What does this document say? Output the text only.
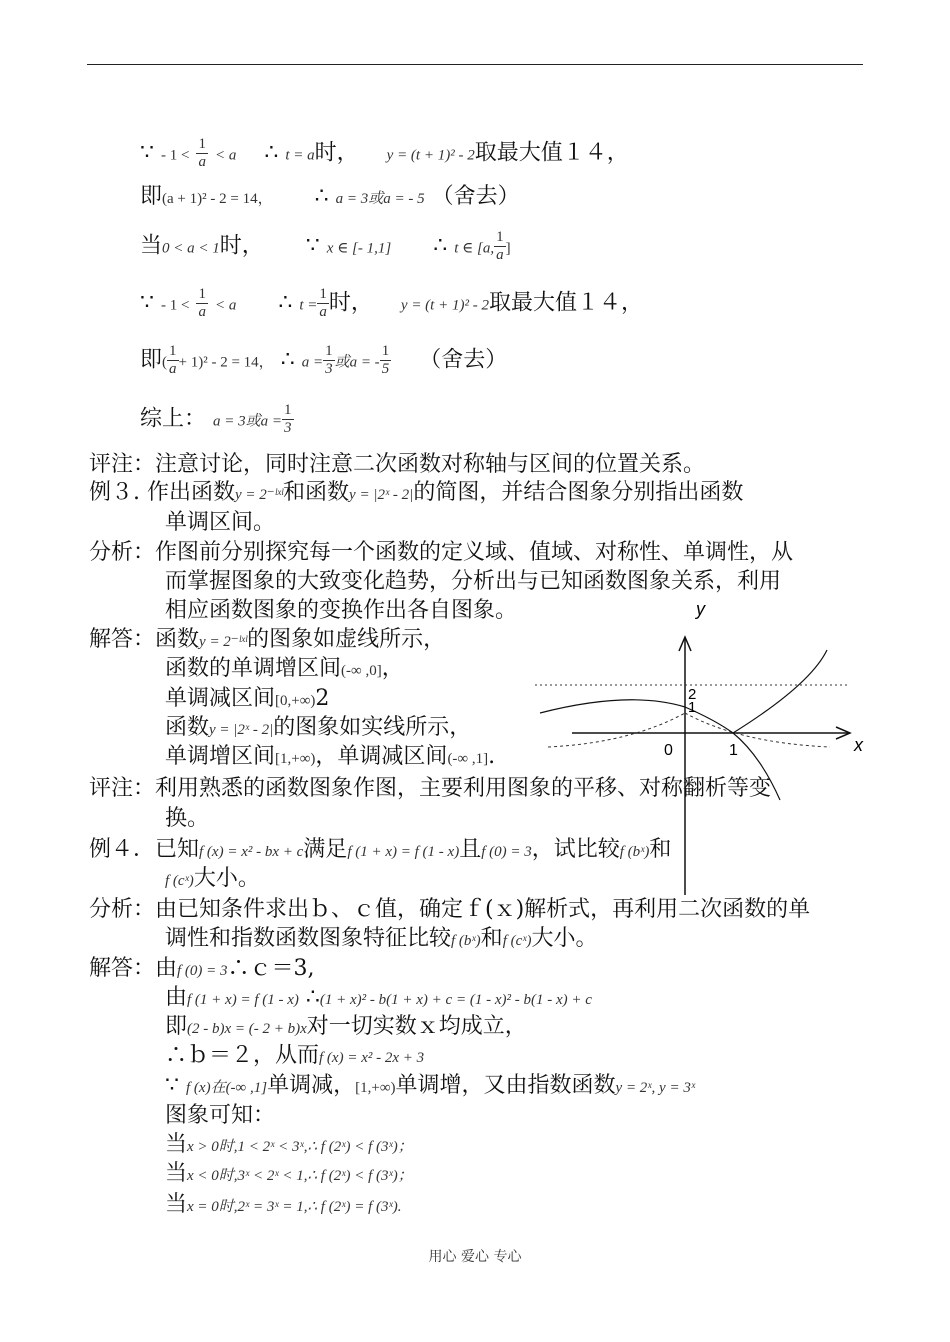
∵ - $1 < \frac{1}{a} < a$ ∴ t = a时， y = (t + 1)² - 2取最大值１４，
即(a + 1)² - 2 = 14， ∴ a = 3或a = - 5 （舍去）
当0 < a < 1时， ∵ x ∈ [- 1,1] ∴ t ∈ [a, $\frac{1}{a}$ ]
∵ - $1 < \frac{1}{a} < a$ ∴ $t = \frac{1}{a}$ 时， y = (t + 1)² - 2取最大值１４，
即( $\frac{1}{a} + 1)^2 - 2 = 14$， ∴ $a = \frac{1}{3}$ 或a = - $\frac{1}{5}$ （舍去）
综上： a = 3或$a = \frac{1}{3}$
评注：注意讨论，同时注意二次函数对称轴与区间的位置关系。
例３. 作出函数y = 2⁻ˡˣˡ和函数y = |2ˣ - 2|的简图，并结合图象分别指出函数
单调区间。
分析：作图前分别探究每一个函数的定义域、值域、对称性、单调性，从
而掌握图象的大致变化趋势，分析出与已知函数图象关系，利用
相应函数图象的变换作出各自图象。
解答：函数y = 2⁻ˡˣˡ的图象如虚线所示，
函数的单调增区间(-∞ ,0]，
单调减区间[0,+∞)2
函数y = |2ˣ - 2|的图象如实线所示，
单调增区间[1,+∞)，单调减区间(-∞ ,1].
评注：利用熟悉的函数图象作图，主要利用图象的平移、对称翻析等变
换。
例４．已知f (x) = x² - bx + c满足f (1 + x) = f (1 - x)且f (0) = 3，试比较f (bˣ)和
f (cˣ)大小。
分析：由已知条件求出ｂ、ｃ值，确定ｆ(ｘ)解析式，再利用二次函数的单
调性和指数函数图象特征比较f (bˣ)和f (cˣ)大小。
解答：由f (0) = 3∴ｃ＝3,
由f (1 + x) = f (1 - x) ∴(1 + x)² - b(1 + x) + c = (1 - x)² - b(1 - x) + c
即(2 - b)x = (- 2 + b)x对一切实数ｘ均成立，
∴ｂ＝２，从而f (x) = x² - 2x + 3
∵ f (x)在(-∞ ,1]单调减，[1,+∞)单调增，又由指数函数y = 2ˣ, y = 3ˣ
图象可知：
当x > 0时,1 < 2ˣ < 3ˣ,∴ f (2ˣ) < f (3ˣ)；
当x < 0时,3ˣ < 2ˣ < 1,∴ f (2ˣ) < f (3ˣ)；
当x = 0时,2ˣ = 3ˣ = 1,∴ f (2ˣ) = f (3ˣ).
y
x
0
2
1
1
用心 爱心 专心
